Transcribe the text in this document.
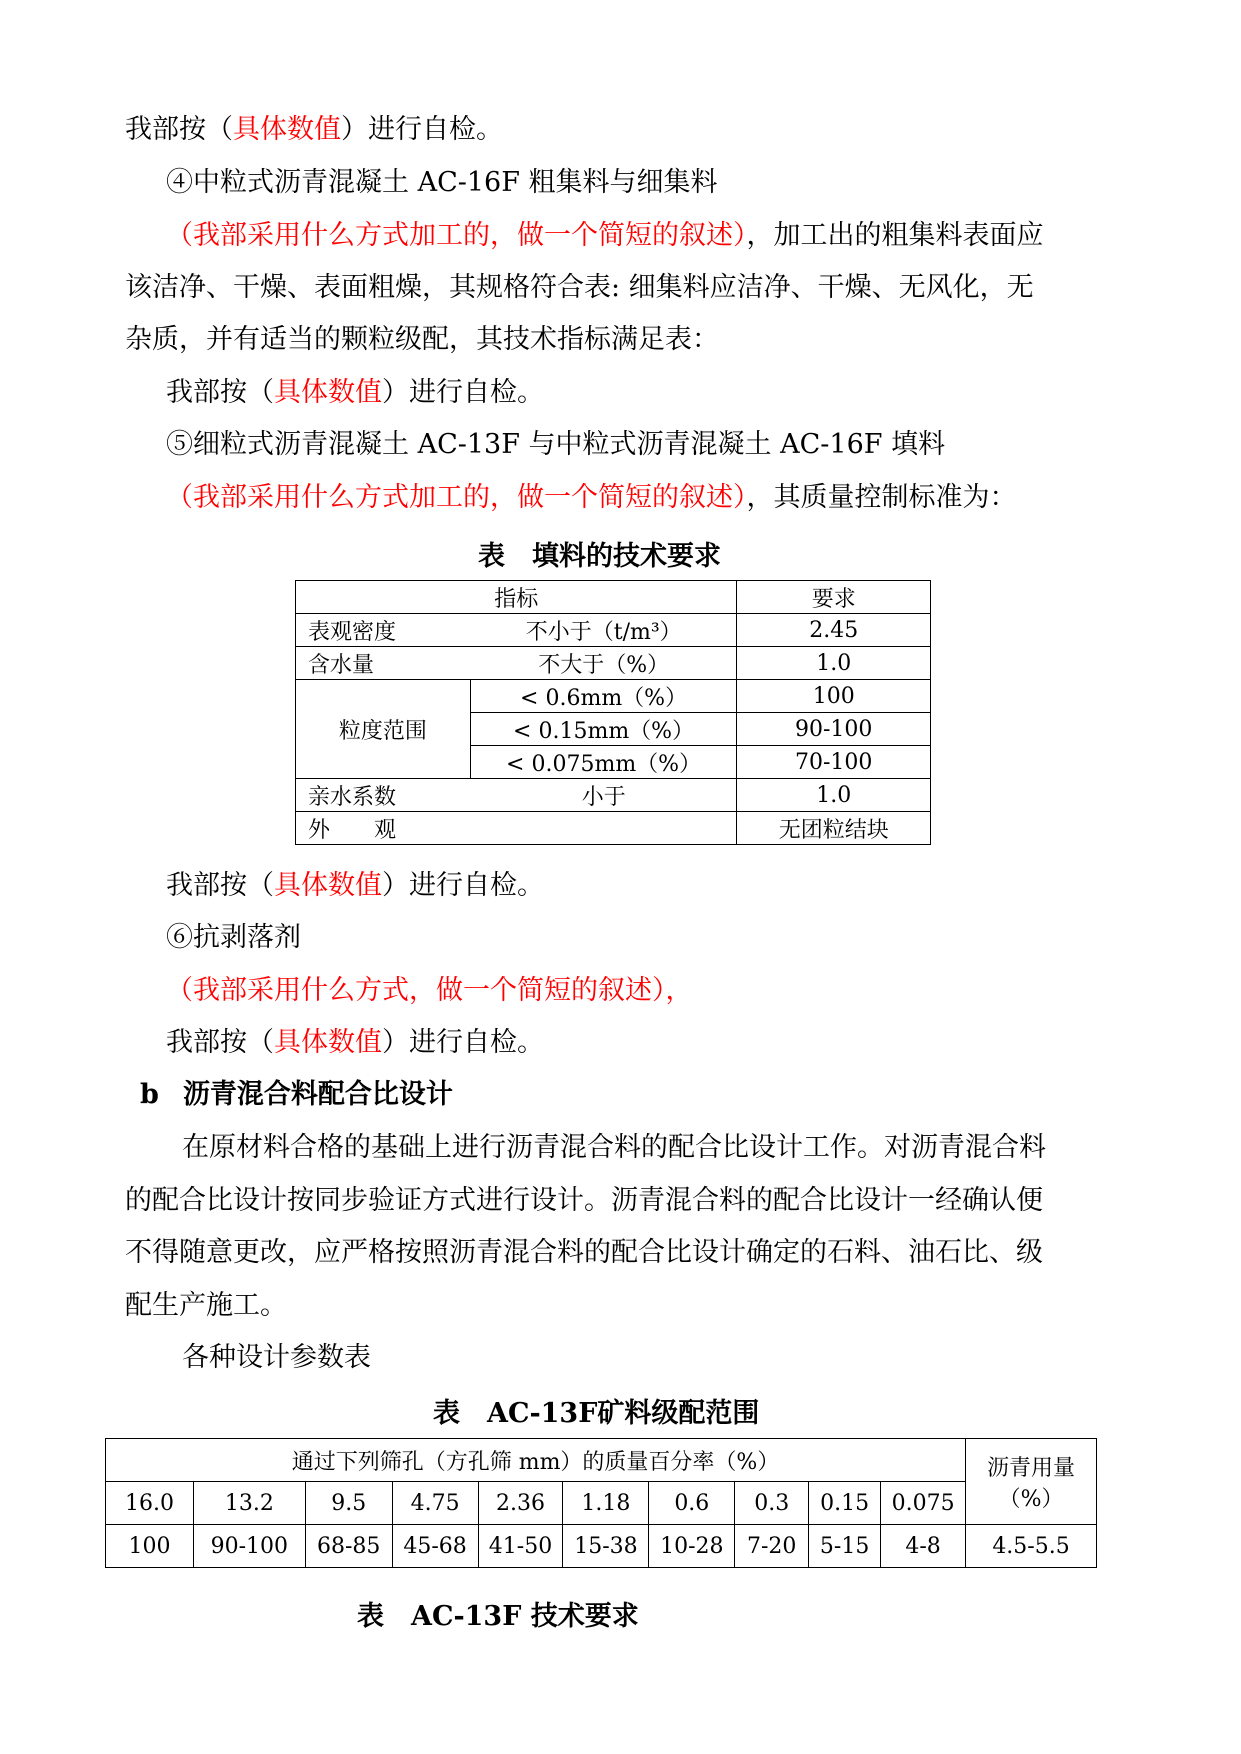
我部按（具体数值）进行自检。
④中粒式沥青混凝土 AC-16F 粗集料与细集料
（我部采用什么方式加工的，做一个简短的叙述），加工出的粗集料表面应
该洁净、干燥、表面粗燥，其规格符合表: 细集料应洁净、干燥、无风化，无
杂质，并有适当的颗粒级配，其技术指标满足表：
我部按（具体数值）进行自检。
⑤细粒式沥青混凝土 AC-13F 与中粒式沥青混凝土 AC-16F 填料
（我部采用什么方式加工的，做一个简短的叙述），其质量控制标准为：
表　填料的技术要求
指标		要求

表观密度 不小于（t/m³）		2.45

含水量 不大于（%）		1.0
粒度范围	< 0.6mm（%）	100
	< 0.15mm（%）	90-100
	< 0.075mm（%）	70-100

亲水系数 小于		1.0
外　　观		无团粒结块
我部按（具体数值）进行自检。
⑥抗剥落剂
（我部采用什么方式，做一个简短的叙述），
我部按（具体数值）进行自检。
b 沥青混合料配合比设计
在原材料合格的基础上进行沥青混合料的配合比设计工作。对沥青混合料
的配合比设计按同步验证方式进行设计。沥青混合料的配合比设计一经确认便
不得随意更改，应严格按照沥青混合料的配合比设计确定的石料、油石比、级
配生产施工。
各种设计参数表
表　AC-13F矿料级配范围
通过下列筛孔（方孔筛 mm）的质量百分率（%）										沥青用量
（%）

16.0	13.2	9.5	4.75	2.36	1.18	0.6	0.3	0.15	0.075	
100	90-100	68-85	45-68	41-50	15-38	10-28	7-20	5-15	4-8	4.5-5.5
表　AC-13F 技术要求
